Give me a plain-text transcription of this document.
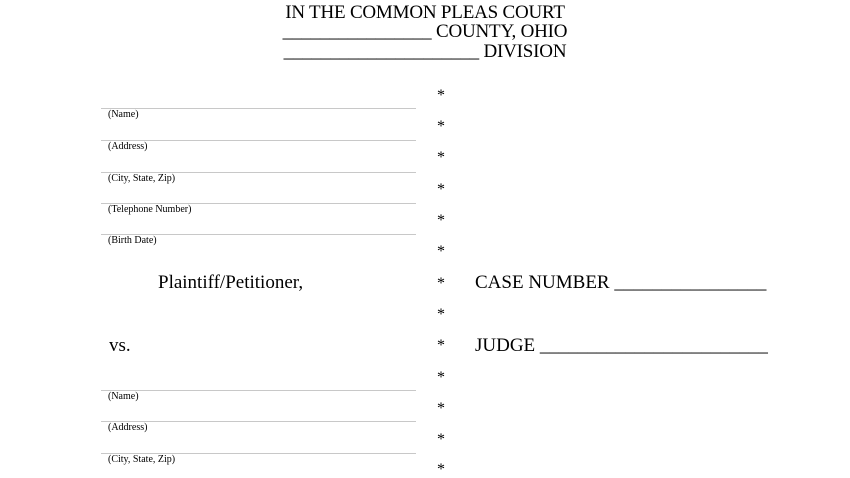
IN THE COMMON PLEAS COURT
________________ COUNTY, OHIO
_____________________ DIVISION
(Name)
(Address)
(City, State, Zip)
(Telephone Number)
(Birth Date)
Plaintiff/Petitioner,
vs.
(Name)
(Address)
(City, State, Zip)
*
*
*
*
*
*
*
*
*
*
*
*
*
CASE NUMBER ________________
JUDGE ________________________
